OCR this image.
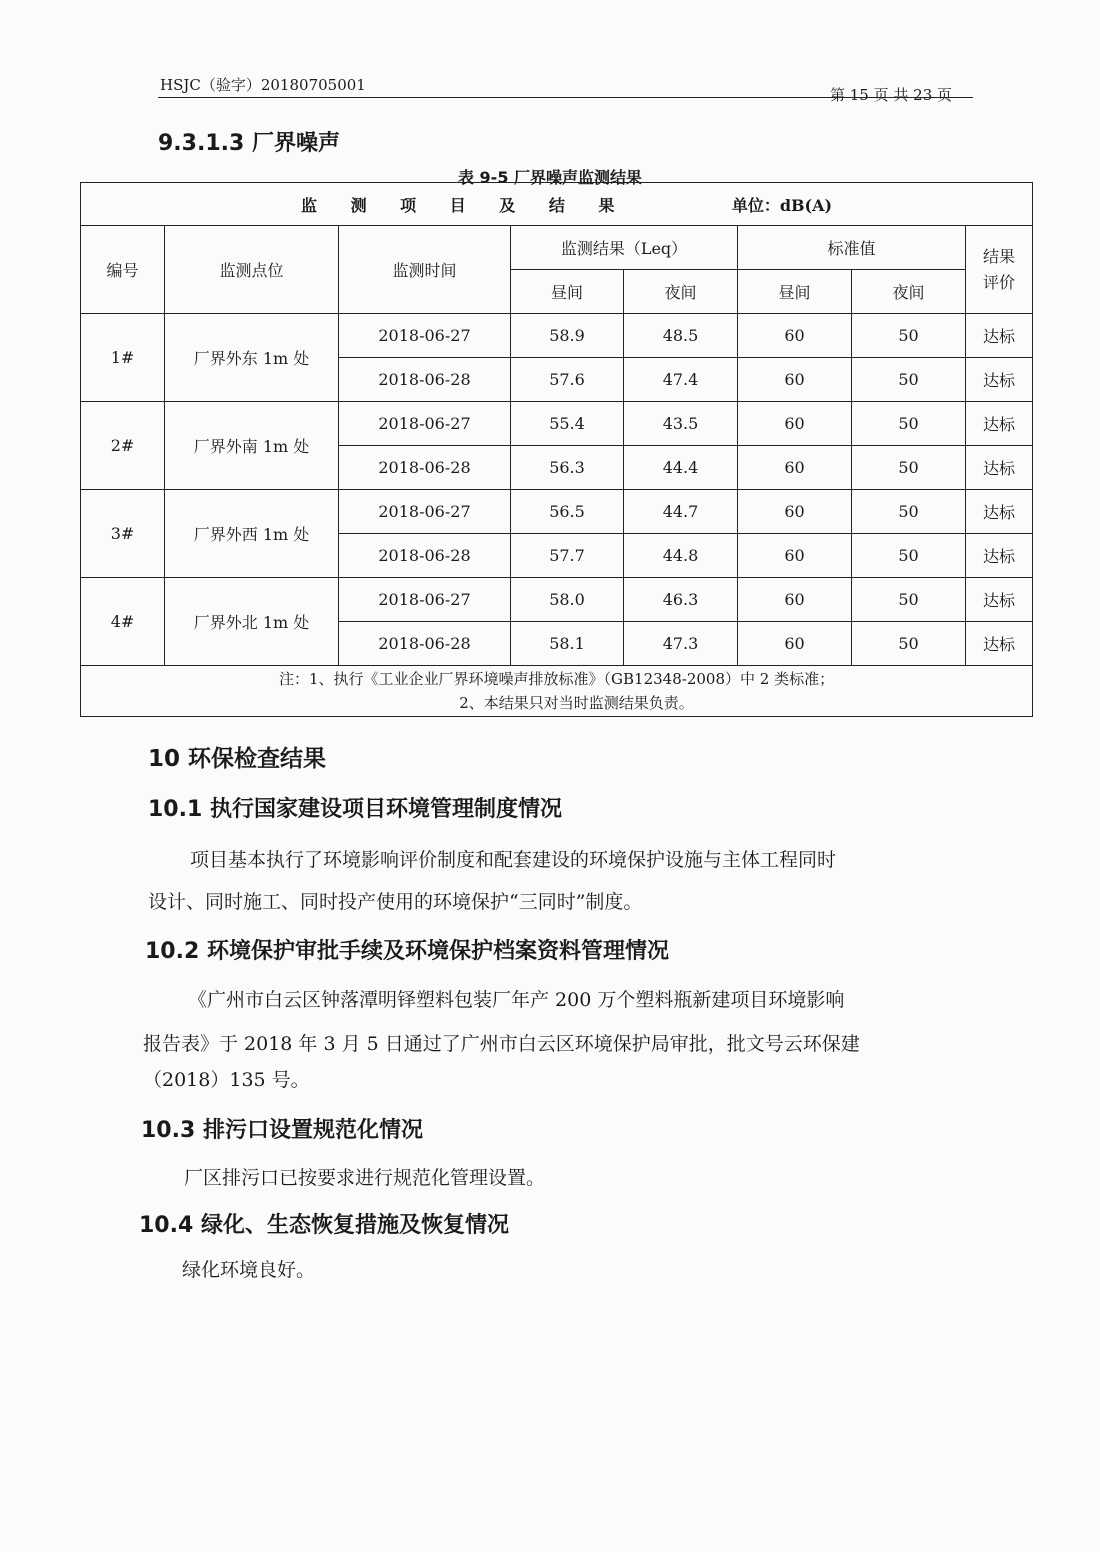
HSJC（验字）20180705001
第 15 页 共 23 页
9.3.1.3 厂界噪声
表 9-5 厂界噪声监测结果
监 测 项 目 及 结 果 单位：dB(A)							

编号	监测点位	监测时间	监测结果（Leq）		标准值		结果评价
			昼间	夜间	昼间	夜间	
1#	厂界外东 1m 处	2018-06-27	58.9	48.5	60	50	达标
		2018-06-28	57.6	47.4	60	50	达标
2#	厂界外南 1m 处	2018-06-27	55.4	43.5	60	50	达标
		2018-06-28	56.3	44.4	60	50	达标
3#	厂界外西 1m 处	2018-06-27	56.5	44.7	60	50	达标
		2018-06-28	57.7	44.8	60	50	达标
4#	厂界外北 1m 处	2018-06-27	58.0	46.3	60	50	达标
		2018-06-28	58.1	47.3	60	50	达标

注：1、执行《工业企业厂界环境噪声排放标准》（GB12348-2008）中 2 类标准；
2、本结果只对当时监测结果负责。							
10 环保检查结果
10.1 执行国家建设项目环境管理制度情况
项目基本执行了环境影响评价制度和配套建设的环境保护设施与主体工程同时
设计、同时施工、同时投产使用的环境保护“三同时”制度。
10.2 环境保护审批手续及环境保护档案资料管理情况
《广州市白云区钟落潭明铎塑料包装厂年产 200 万个塑料瓶新建项目环境影响
报告表》于 2018 年 3 月 5 日通过了广州市白云区环境保护局审批，批文号云环保建
（2018）135 号。
10.3 排污口设置规范化情况
厂区排污口已按要求进行规范化管理设置。
10.4 绿化、生态恢复措施及恢复情况
绿化环境良好。
